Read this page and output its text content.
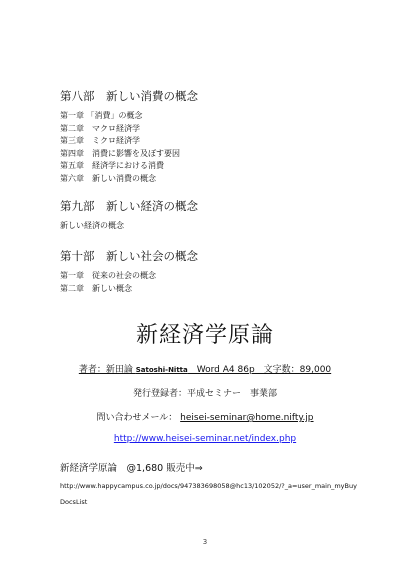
第八部　新しい消費の概念
第一章 「消費」の概念
第二章　マクロ経済学
第三章　ミクロ経済学
第四章　消費に影響を及ぼす要因
第五章　経済学における消費
第六章　新しい消費の概念
第九部　新しい経済の概念
新しい経済の概念
第十部　新しい社会の概念
第一章　従来の社会の概念
第二章　新しい概念
新経済学原論
著者：新田論 Satoshi-Nitta　Word A4 86p　文字数：89,000
発行登録者：平成セミナー　事業部
問い合わせメール： heisei-seminar@home.nifty.jp
http://www.heisei-seminar.net/index.php
新経済学原論　@1,680 販売中⇒
http://www.happycampus.co.jp/docs/947383698058@hc13/102052/?_a=user_main_myBuyDocsList
3
